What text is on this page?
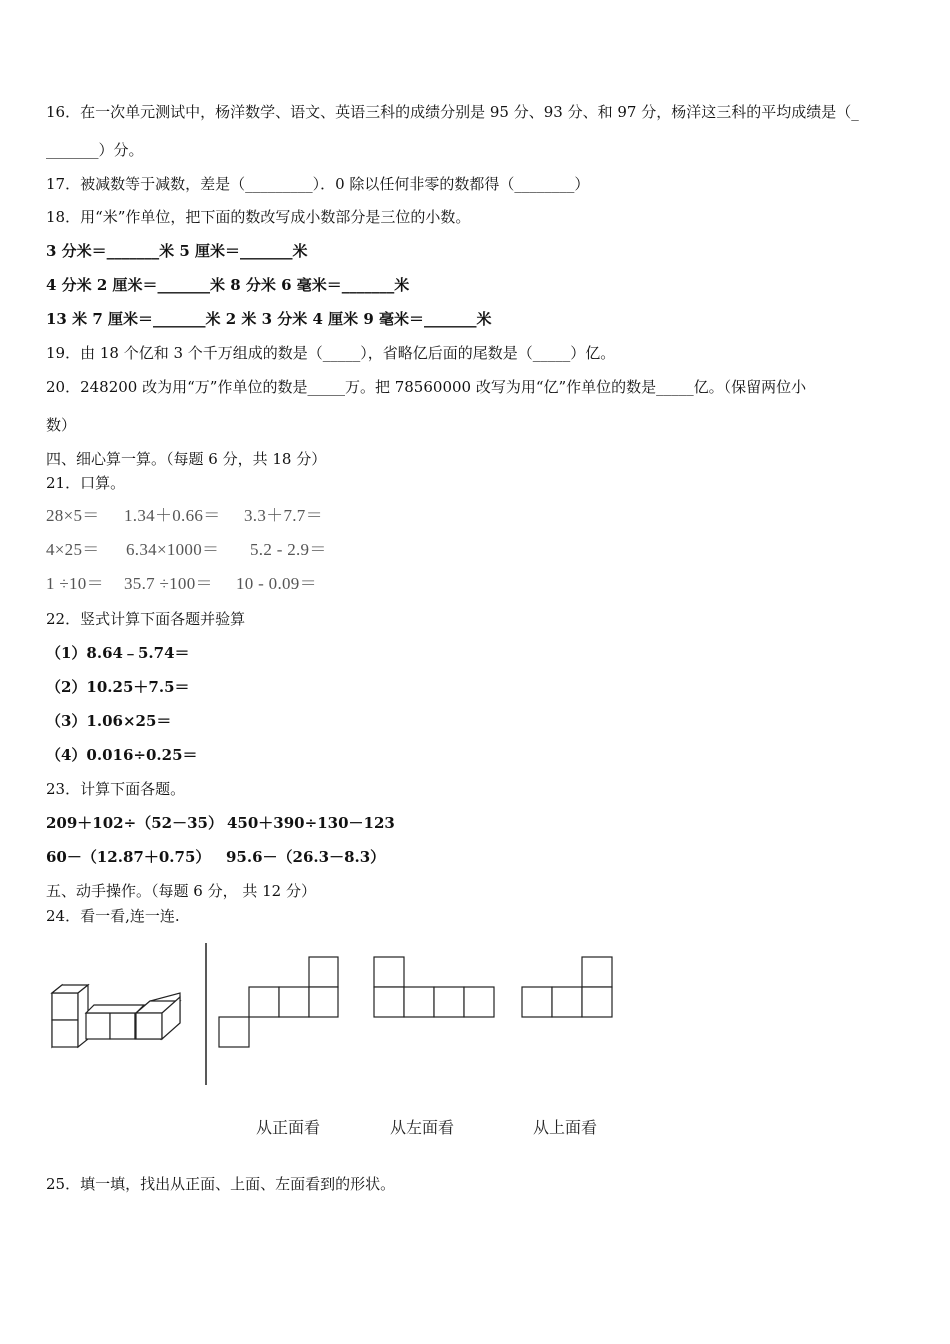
16．在一次单元测试中，杨洋数学、语文、英语三科的成绩分别是 95 分、93 分、和 97 分，杨洋这三科的平均成绩是（_
_______）分。
17．被减数等于减数，差是（_________）．0 除以任何非零的数都得（________）
18．用“米”作单位，把下面的数改写成小数部分是三位的小数。
3 分米＝_______米 5 厘米＝_______米
4 分米 2 厘米＝_______米 8 分米 6 毫米＝_______米
13 米 7 厘米＝_______米 2 米 3 分米 4 厘米 9 毫米＝_______米
19．由 18 个亿和 3 个千万组成的数是（_____），省略亿后面的尾数是（_____）亿。
20．248200 改为用“万”作单位的数是_____万。把 78560000 改写为用“亿”作单位的数是_____亿。（保留两位小
数）
四、细心算一算。（每题 6 分，共 18 分）
21．口算。
28×5＝ 1.34＋0.66＝ 3.3＋7.7＝
4×25＝ 6.34×1000＝ 5.2 - 2.9＝
1 ÷10＝ 35.7 ÷100＝ 10 - 0.09＝
22．竖式计算下面各题并验算
（1）8.64﹣5.74＝
（2）10.25＋7.5＝
（3）1.06×25＝
（4）0.016÷0.25＝
23．计算下面各题。
209＋102÷（52－35） 450＋390÷130－123
60－（12.87＋0.75） 95.6－（26.3－8.3）
五、动手操作。（每题 6 分， 共 12 分）
24．看一看,连一连.
从正面看	从左面看	从上面看
25．填一填，找出从正面、上面、左面看到的形状。
